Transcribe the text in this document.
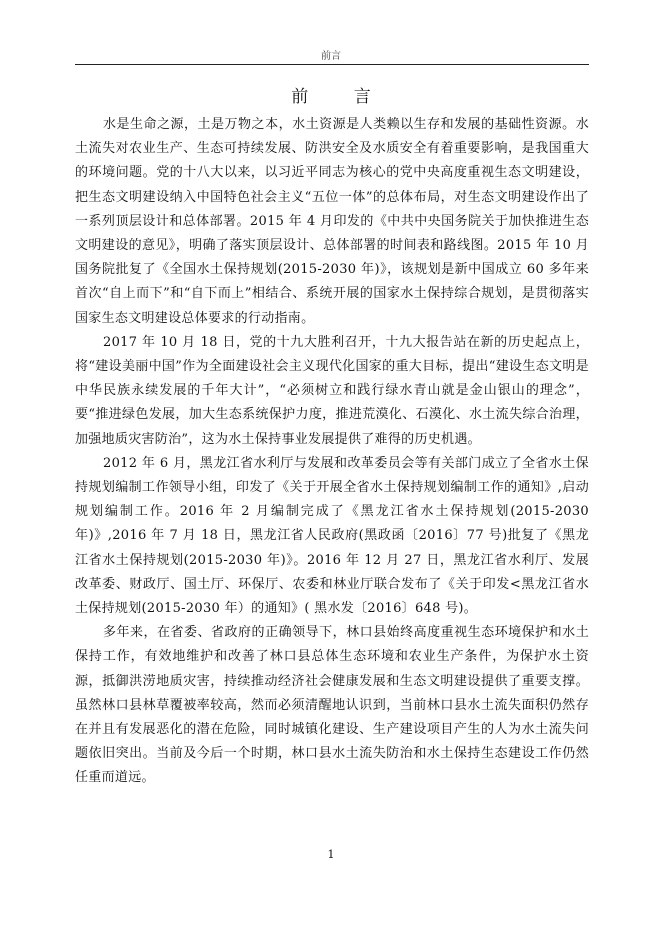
前言
前 言

水是生命之源，土是万物之本，水土资源是人类赖以生存和发展的基础性资源。水土流失对农业生产、生态可持续发展、防洪安全及水质安全有着重要影响，是我国重大的环境问题。党的十八大以来，以习近平同志为核心的党中央高度重视生态文明建设，把生态文明建设纳入中国特色社会主义“五位一体”的总体布局，对生态文明建设作出了一系列顶层设计和总体部署。2015 年 4 月印发的《中共中央国务院关于加快推进生态文明建设的意见》，明确了落实顶层设计、总体部署的时间表和路线图。2015 年 10 月国务院批复了《全国水土保持规划(2015-2030 年)》，该规划是新中国成立 60 多年来首次“自上而下”和“自下而上”相结合、系统开展的国家水土保持综合规划，是贯彻落实国家生态文明建设总体要求的行动指南。

2017 年 10 月 18 日，党的十九大胜利召开，十九大报告站在新的历史起点上，将“建设美丽中国”作为全面建设社会主义现代化国家的重大目标，提出“建设生态文明是中华民族永续发展的千年大计”，“必须树立和践行绿水青山就是金山银山的理念”，要“推进绿色发展，加大生态系统保护力度，推进荒漠化、石漠化、水土流失综合治理，加强地质灾害防治”，这为水土保持事业发展提供了难得的历史机遇。

2012 年 6 月，黑龙江省水利厅与发展和改革委员会等有关部门成立了全省水土保持规划编制工作领导小组，印发了《关于开展全省水土保持规划编制工作的通知》,启动规划编制工作。2016 年 2 月编制完成了《黑龙江省水土保持规划(2015-2030 年)》,2016 年 7 月 18 日，黑龙江省人民政府(黑政函〔2016〕77 号)批复了《黑龙江省水土保持规划(2015-2030 年)》。2016 年 12 月 27 日，黑龙江省水利厅、发展改革委、财政厅、国土厅、环保厅、农委和林业厅联合发布了《关于印发<黑龙江省水土保持规划(2015-2030 年）的通知》( 黑水发〔2016〕648 号)。

多年来，在省委、省政府的正确领导下，林口县始终高度重视生态环境保护和水土保持工作，有效地维护和改善了林口县总体生态环境和农业生产条件，为保护水土资源，抵御洪涝地质灾害，持续推动经济社会健康发展和生态文明建设提供了重要支撑。虽然林口县林草覆被率较高，然而必须清醒地认识到，当前林口县水土流失面积仍然存在并且有发展恶化的潜在危险，同时城镇化建设、生产建设项目产生的人为水土流失问题依旧突出。当前及今后一个时期，林口县水土流失防治和水土保持生态建设工作仍然任重而道远。

1
